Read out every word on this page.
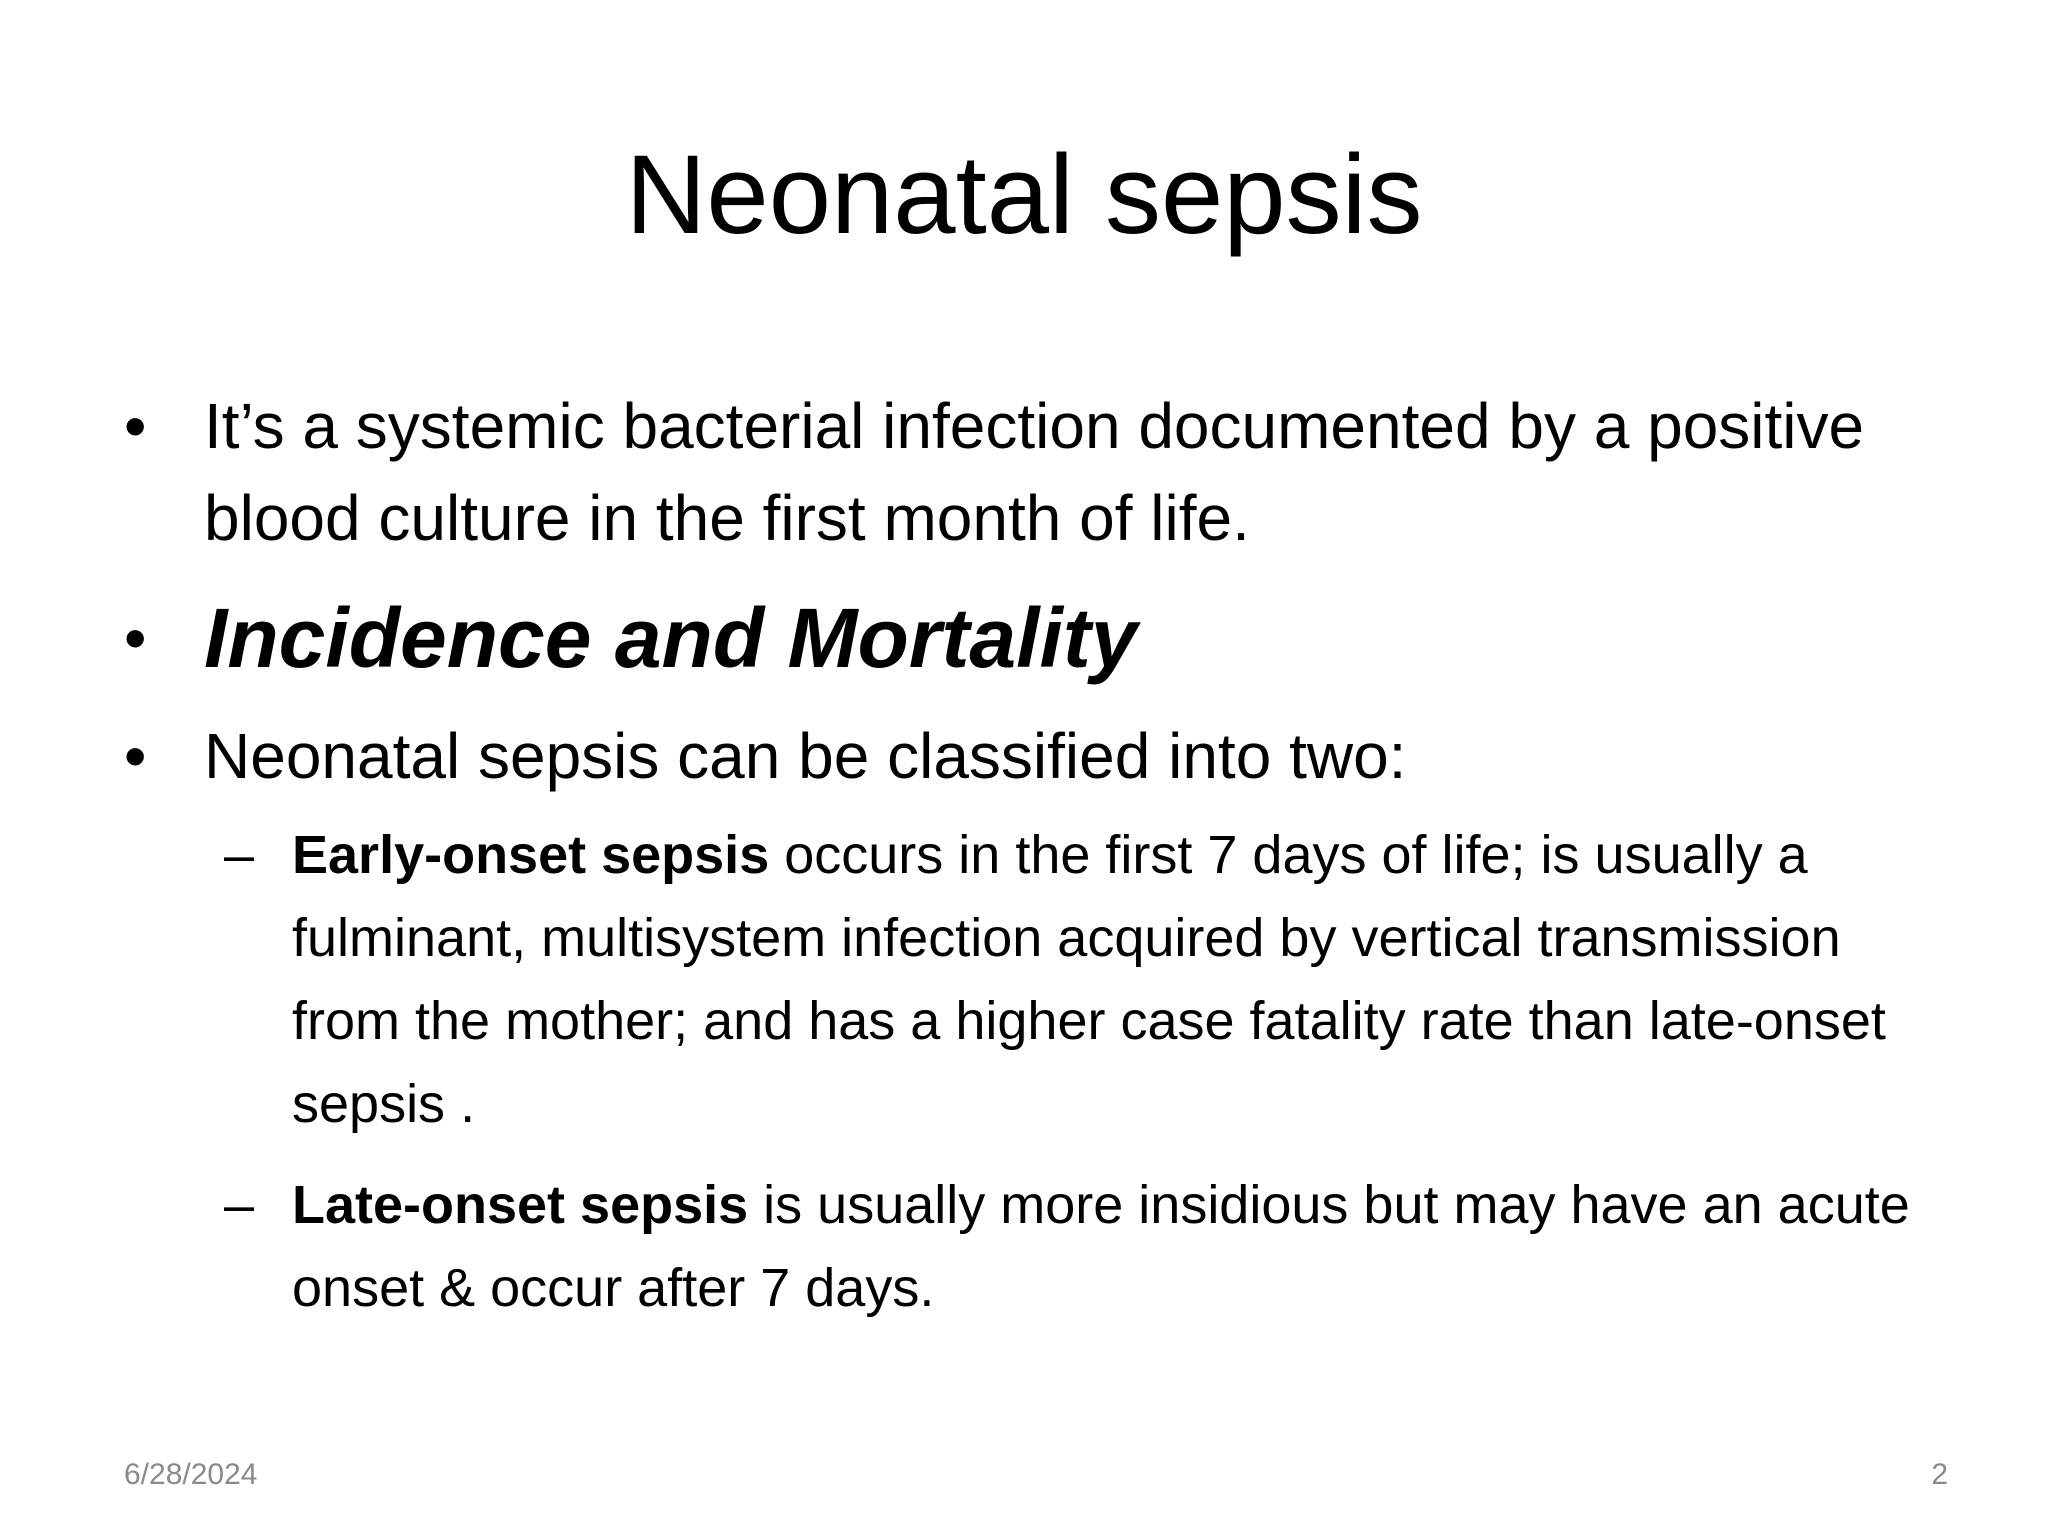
Neonatal sepsis
• It’s a systemic bacterial infection documented by a positive blood culture in the first month of life.
• Incidence and Mortality
• Neonatal sepsis can be classified into two:
– Early-onset sepsis occurs in the first 7 days of life; is usually a fulminant, multisystem infection acquired by vertical transmission from the mother; and has a higher case fatality rate than late-onset sepsis .
– Late-onset sepsis is usually more insidious but may have an acute onset & occur after 7 days.
6/28/2024	2
